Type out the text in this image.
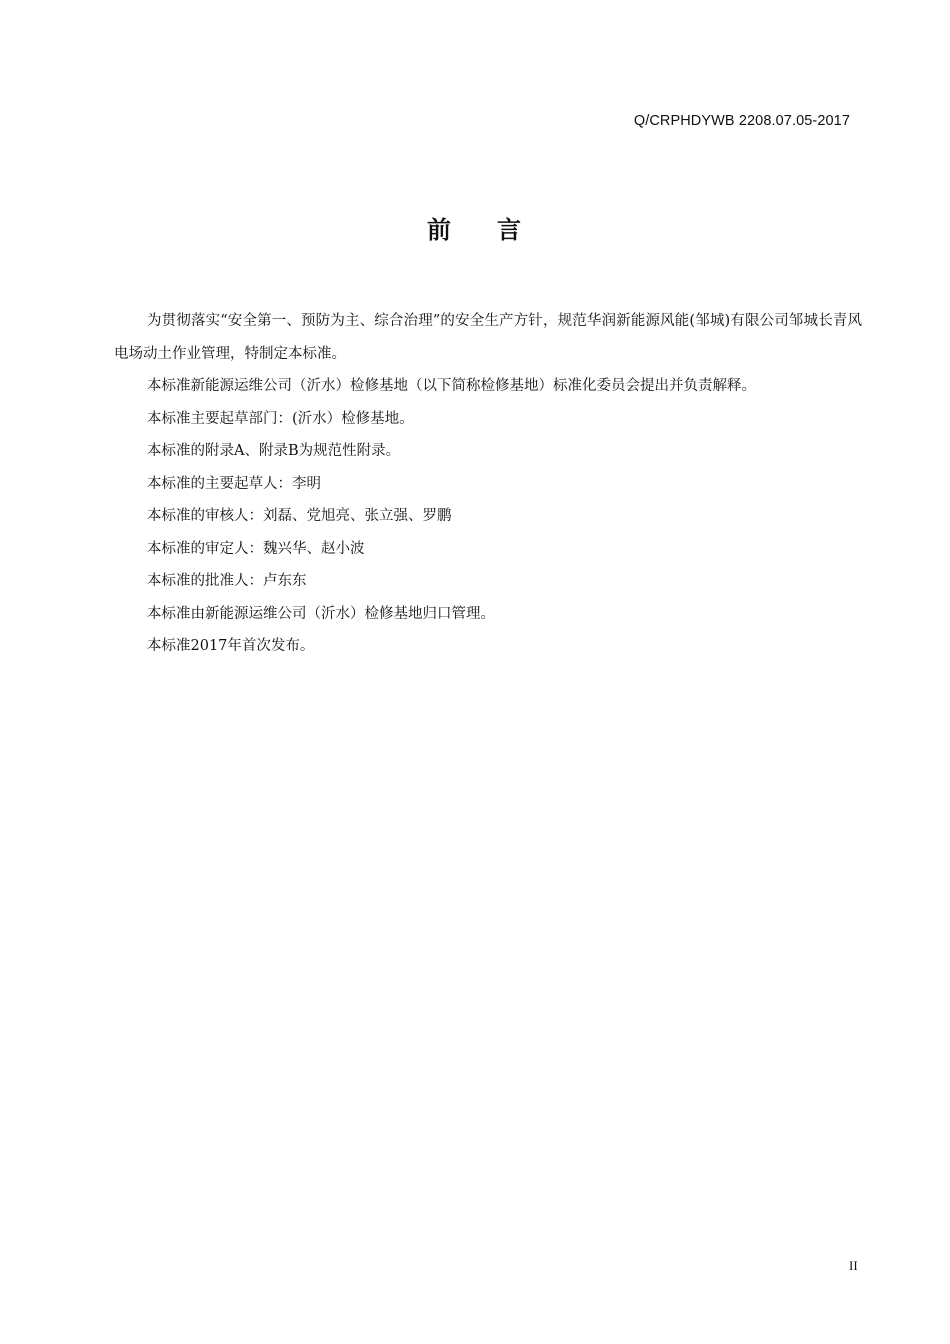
Q/CRPHDYWB 2208.07.05-2017
前 言

为贯彻落实“安全第一、预防为主、综合治理”的安全生产方针，规范华润新能源风能(邹城)有限公司邹城长青风电场动土作业管理，特制定本标准。

本标准新能源运维公司（沂水）检修基地（以下简称检修基地）标准化委员会提出并负责解释。

本标准主要起草部门：(沂水）检修基地。

本标准的附录A、附录B为规范性附录。

本标准的主要起草人：李明

本标准的审核人：刘磊、党旭亮、张立强、罗鹏

本标准的审定人：魏兴华、赵小波

本标准的批准人：卢东东

本标准由新能源运维公司（沂水）检修基地归口管理。

本标准2017年首次发布。

II
